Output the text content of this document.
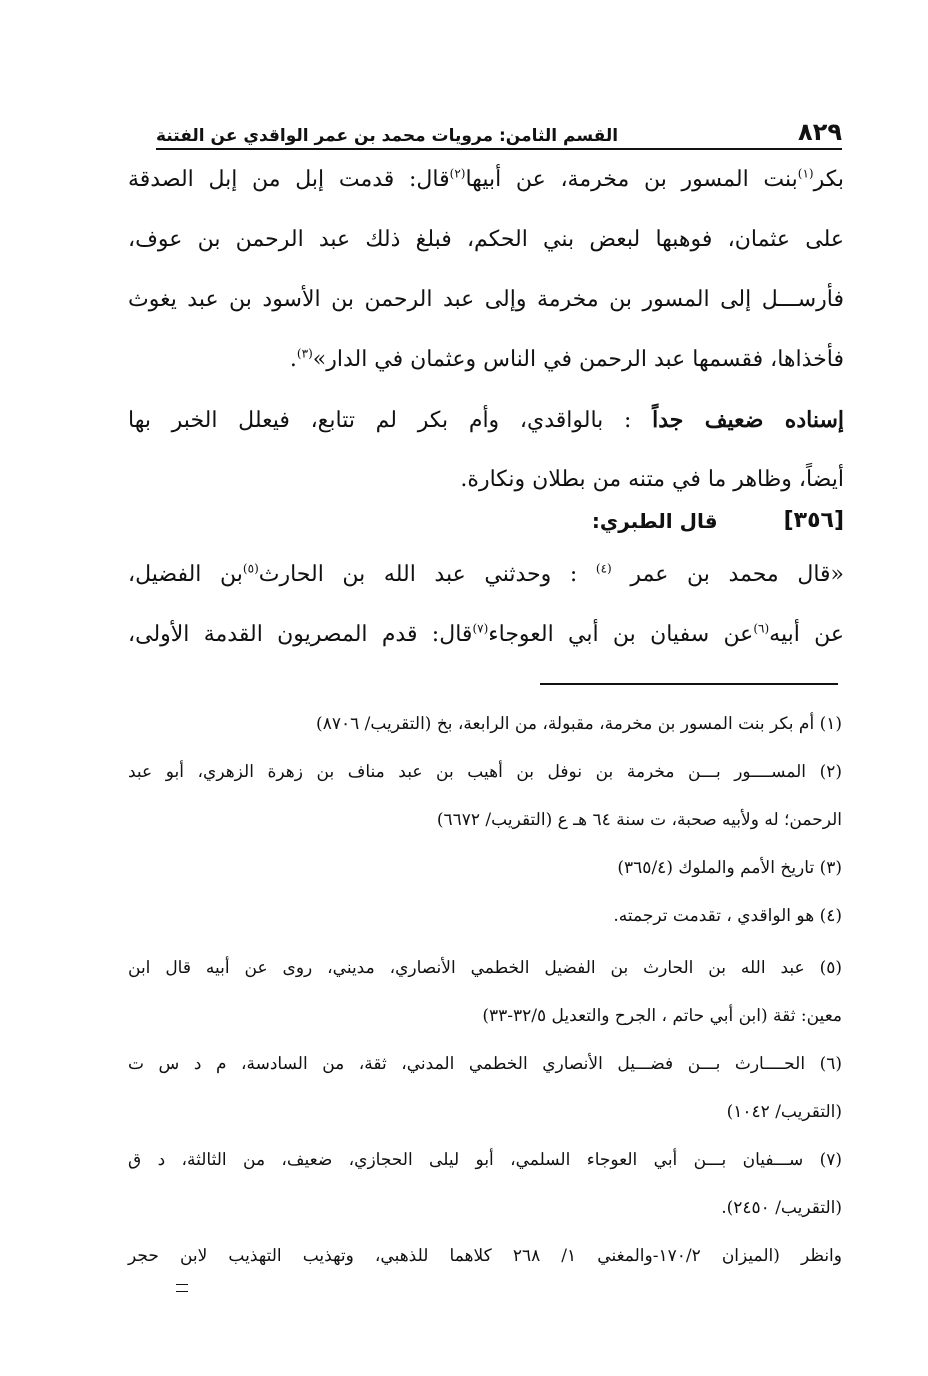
٨٢٩
القسم الثامن: مرويات محمد بن عمر الواقدي عن الفتنة
بكر$^{(١)}$بنت المسور بن مخرمة، عن أبيها$^{(٢)}$قال: قدمت إبل من إبل الصدقة
على عثمان، فوهبها لبعض بني الحكم، فبلغ ذلك عبد الرحمن بن عوف،
فأرســـل إلى المسور بن مخرمة وإلى عبد الرحمن بن الأسود بن عبد يغوث
فأخذاها، فقسمها عبد الرحمن في الناس وعثمان في الدار»$^{(٣)}$.
إسناده ضعيف جداً : بالواقدي، وأم بكر لم تتابع، فيعلل الخبر بها
أيضاً، وظاهر ما في متنه من بطلان ونكارة.
[٣٥٦]
قال الطبري:
«قال محمد بن عمر $^{(٤)}$ : وحدثني عبد الله بن الحارث$^{(٥)}$بن الفضيل،
عن أبيه$^{(٦)}$عن سفيان بن أبي العوجاء$^{(٧)}$قال: قدم المصريون القدمة الأولى،
(١) أم بكر بنت المسور بن مخرمة، مقبولة، من الرابعة، بخ (التقريب/ ٨٧٠٦)
(٢) المســــور بـــن مخرمة بن نوفل بن أهيب بن عبد مناف بن زهرة الزهري، أبو عبد
الرحمن؛ له ولأبيه صحبة، ت سنة ٦٤ هـ ع (التقريب/ ٦٦٧٢)
(٣) تاريخ الأمم والملوك (٣٦٥/٤)
(٤) هو الواقدي ، تقدمت ترجمته.
(٥) عبد الله بن الحارث بن الفضيل الخطمي الأنصاري، مديني، روى عن أبيه قال ابن
معين: ثقة (ابن أبي حاتم ، الجرح والتعديل ٣٢/٥-٣٣)
(٦) الحــــارث بـــن فضـــيل الأنصاري الخطمي المدني، ثقة، من السادسة، م د س ت
(التقريب/ ١٠٤٢)
(٧) ســـفيان بـــن أبي العوجاء السلمي، أبو ليلى الحجازي، ضعيف، من الثالثة، د ق
(التقريب/ ٢٤٥٠).
وانظر (الميزان ١٧٠/٢-والمغني ١/ ٢٦٨ كلاهما للذهبي، وتهذيب التهذيب لابن حجر
